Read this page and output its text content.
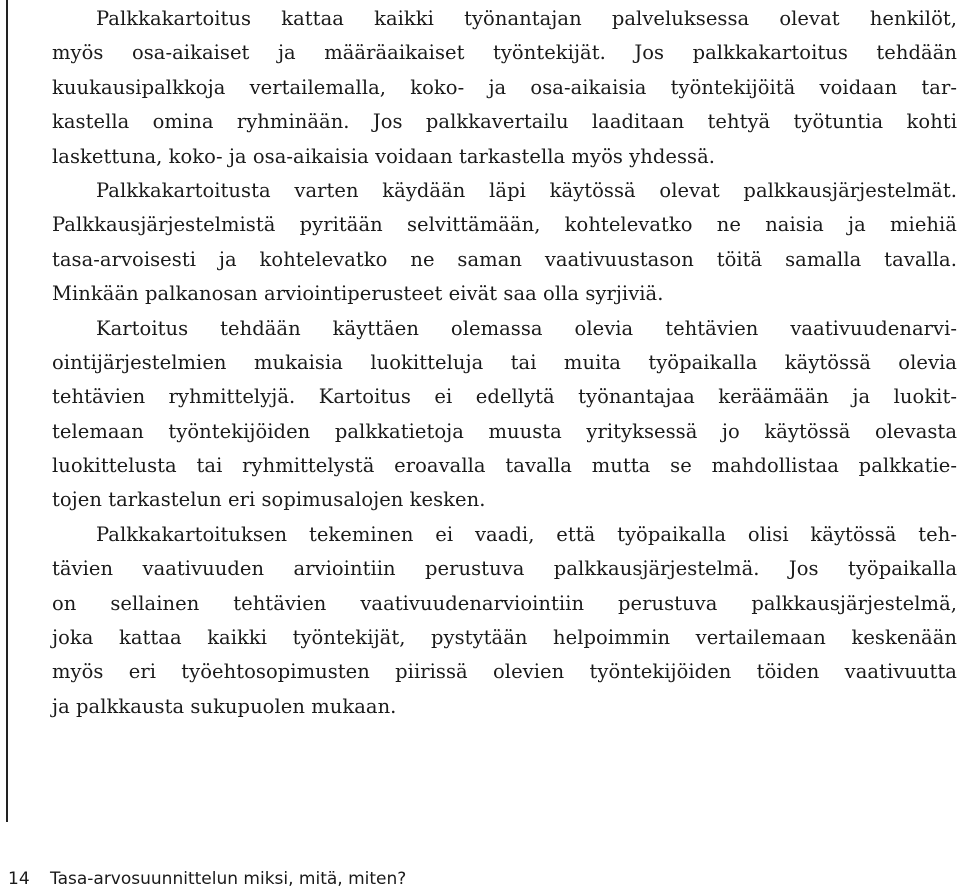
Palkkakartoitus kattaa kaikki työnantajan palveluksessa olevat henkilöt,
myös osa-aikaiset ja määräaikaiset työntekijät. Jos palkkakartoitus tehdään
kuukausipalkkoja vertailemalla, koko- ja osa-aikaisia työntekijöitä voidaan tar-
kastella omina ryhminään. Jos palkkavertailu laaditaan tehtyä työtuntia kohti
laskettuna, koko- ja osa-aikaisia voidaan tarkastella myös yhdessä.
Palkkakartoitusta varten käydään läpi käytössä olevat palkkausjärjestelmät.
Palkkausjärjestelmistä pyritään selvittämään, kohtelevatko ne naisia ja miehiä
tasa-arvoisesti ja kohtelevatko ne saman vaativuustason töitä samalla tavalla.
Minkään palkanosan arviointiperusteet eivät saa olla syrjiviä.
Kartoitus tehdään käyttäen olemassa olevia tehtävien vaativuudenarvi-
ointijärjestelmien mukaisia luokitteluja tai muita työpaikalla käytössä olevia
tehtävien ryhmittelyjä. Kartoitus ei edellytä työnantajaa keräämään ja luokit-
telemaan työntekijöiden palkkatietoja muusta yrityksessä jo käytössä olevasta
luokittelusta tai ryhmittelystä eroavalla tavalla mutta se mahdollistaa palkkatie-
tojen tarkastelun eri sopimusalojen kesken.
Palkkakartoituksen tekeminen ei vaadi, että työpaikalla olisi käytössä teh-
tävien vaativuuden arviointiin perustuva palkkausjärjestelmä. Jos työpaikalla
on sellainen tehtävien vaativuudenarviointiin perustuva palkkausjärjestelmä,
joka kattaa kaikki työntekijät, pystytään helpoimmin vertailemaan keskenään
myös eri työehtosopimusten piirissä olevien työntekijöiden töiden vaativuutta
ja palkkausta sukupuolen mukaan.
14 Tasa-arvosuunnittelun miksi, mitä, miten?
